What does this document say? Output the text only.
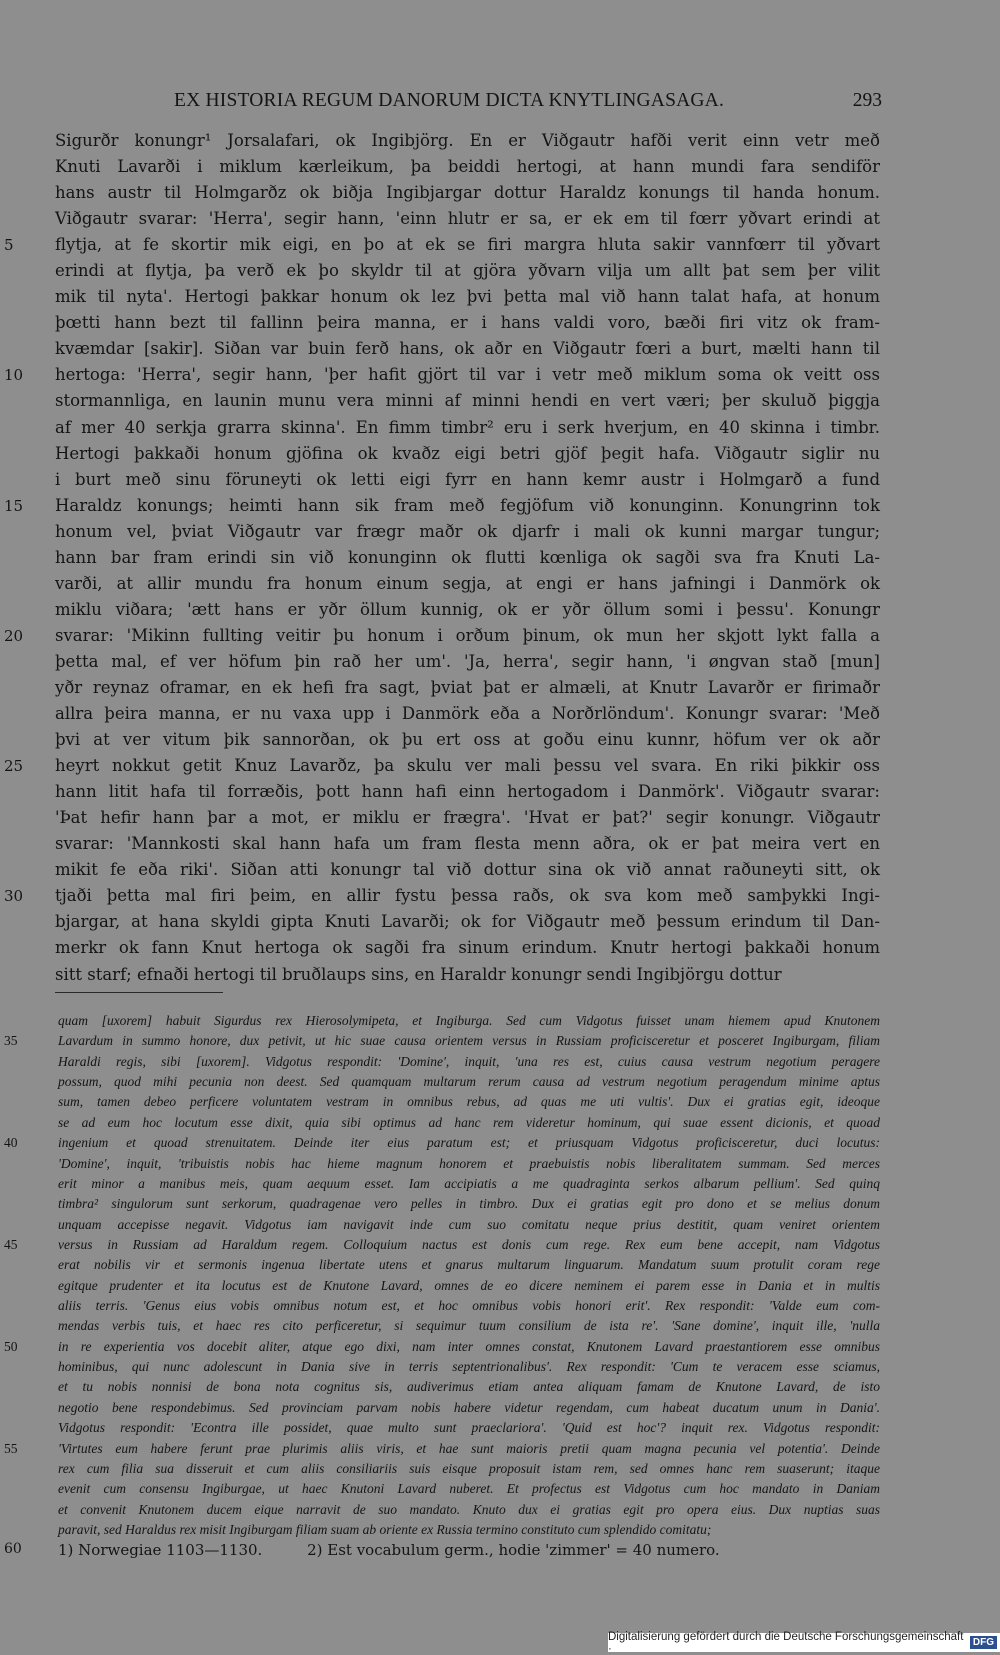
EX HISTORIA REGUM DANORUM DICTA KNYTLINGASAGA.	293
Sigurðr konungr¹ Jorsalafari, ok Ingibjörg. En er Viðgautr hafði verit einn vetr með
Knuti Lavarði i miklum kærleikum, þa beiddi hertogi, at hann mundi fara sendiför
hans austr til Holmgarðz ok biðja Ingibjargar dottur Haraldz konungs til handa honum.
Viðgautr svarar: 'Herra', segir hann, 'einn hlutr er sa, er ek em til fœrr yðvart erindi at
5	flytja, at fe skortir mik eigi, en þo at ek se firi margra hluta sakir vannfœrr til yðvart
erindi at flytja, þa verð ek þo skyldr til at gjöra yðvarn vilja um allt þat sem þer vilit
mik til nyta'. Hertogi þakkar honum ok lez þvi þetta mal við hann talat hafa, at honum
þœtti hann bezt til fallinn þeira manna, er i hans valdi voro, bæði firi vitz ok fram-
kvæmdar [sakir]. Siðan var buin ferð hans, ok aðr en Viðgautr fœri a burt, mælti hann til
10	hertoga: 'Herra', segir hann, 'þer hafit gjört til var i vetr með miklum soma ok veitt oss
stormannliga, en launin munu vera minni af minni hendi en vert væri; þer skuluð þiggja
af mer 40 serkja grarra skinna'. En fimm timbr² eru i serk hverjum, en 40 skinna i timbr.
Hertogi þakkaði honum gjöfina ok kvaðz eigi betri gjöf þegit hafa. Viðgautr siglir nu
i burt með sinu föruneyti ok letti eigi fyrr en hann kemr austr i Holmgarð a fund
15	Haraldz konungs; heimti hann sik fram með fegjöfum við konunginn. Konungrinn tok
honum vel, þviat Viðgautr var frægr maðr ok djarfr i mali ok kunni margar tungur;
hann bar fram erindi sin við konunginn ok flutti kœnliga ok sagði sva fra Knuti La-
varði, at allir mundu fra honum einum segja, at engi er hans jafningi i Danmörk ok
miklu viðara; 'ætt hans er yðr öllum kunnig, ok er yðr öllum somi i þessu'. Konungr
20	svarar: 'Mikinn fullting veitir þu honum i orðum þinum, ok mun her skjott lykt falla a
þetta mal, ef ver höfum þin rað her um'. 'Ja, herra', segir hann, 'i øngvan stað [mun]
yðr reynaz oframar, en ek hefi fra sagt, þviat þat er almæli, at Knutr Lavarðr er firimaðr
allra þeira manna, er nu vaxa upp i Danmörk eða a Norðrlöndum'. Konungr svarar: 'Með
þvi at ver vitum þik sannorðan, ok þu ert oss at goðu einu kunnr, höfum ver ok aðr
25	heyrt nokkut getit Knuz Lavarðz, þa skulu ver mali þessu vel svara. En riki þikkir oss
hann litit hafa til forræðis, þott hann hafi einn hertogadom i Danmörk'. Viðgautr svarar:
'Þat hefir hann þar a mot, er miklu er frægra'. 'Hvat er þat?' segir konungr. Viðgautr
svarar: 'Mannkosti skal hann hafa um fram flesta menn aðra, ok er þat meira vert en
mikit fe eða riki'. Siðan atti konungr tal við dottur sina ok við annat raðuneyti sitt, ok
30	tjaði þetta mal firi þeim, en allir fystu þessa raðs, ok sva kom með samþykki Ingi-
bjargar, at hana skyldi gipta Knuti Lavarði; ok for Viðgautr með þessum erindum til Dan-
merkr ok fann Knut hertoga ok sagði fra sinum erindum. Knutr hertogi þakkaði honum
sitt starf; efnaði hertogi til bruðlaups sins, en Haraldr konungr sendi Ingibjörgu dottur
quam [uxorem] habuit Sigurdus rex Hierosolymipeta, et Ingiburga. Sed cum Vidgotus fuisset unam hiemem apud Knutonem
35	Lavardum in summo honore, dux petivit, ut hic suae causa orientem versus in Russiam proficisceretur et posceret Ingiburgam, filiam
Haraldi regis, sibi [uxorem]. Vidgotus respondit: 'Domine', inquit, 'una res est, cuius causa vestrum negotium peragere
possum, quod mihi pecunia non deest. Sed quamquam multarum rerum causa ad vestrum negotium peragendum minime aptus
sum, tamen debeo perficere voluntatem vestram in omnibus rebus, ad quas me uti vultis'. Dux ei gratias egit, ideoque
se ad eum hoc locutum esse dixit, quia sibi optimus ad hanc rem videretur hominum, qui suae essent dicionis, et quoad
40	ingenium et quoad strenuitatem. Deinde iter eius paratum est; et priusquam Vidgotus proficisceretur, duci locutus:
'Domine', inquit, 'tribuistis nobis hac hieme magnum honorem et praebuistis nobis liberalitatem summam. Sed merces
erit minor a manibus meis, quam aequum esset. Iam accipiatis a me quadraginta serkos albarum pellium'. Sed quinq
timbra² singulorum sunt serkorum, quadragenae vero pelles in timbro. Dux ei gratias egit pro dono et se melius donum
unquam accepisse negavit. Vidgotus iam navigavit inde cum suo comitatu neque prius destitit, quam veniret orientem
45	versus in Russiam ad Haraldum regem. Colloquium nactus est donis cum rege. Rex eum bene accepit, nam Vidgotus
erat nobilis vir et sermonis ingenua libertate utens et gnarus multarum linguarum. Mandatum suum protulit coram rege
egitque prudenter et ita locutus est de Knutone Lavard, omnes de eo dicere neminem ei parem esse in Dania et in multis
aliis terris. 'Genus eius vobis omnibus notum est, et hoc omnibus vobis honori erit'. Rex respondit: 'Valde eum com-
mendas verbis tuis, et haec res cito perficeretur, si sequimur tuum consilium de ista re'. 'Sane domine', inquit ille, 'nulla
50	in re experientia vos docebit aliter, atque ego dixi, nam inter omnes constat, Knutonem Lavard praestantiorem esse omnibus
hominibus, qui nunc adolescunt in Dania sive in terris septentrionalibus'. Rex respondit: 'Cum te veracem esse sciamus,
et tu nobis nonnisi de bona nota cognitus sis, audiverimus etiam antea aliquam famam de Knutone Lavard, de isto
negotio bene respondebimus. Sed provinciam parvam nobis habere videtur regendam, cum habeat ducatum unum in Dania'.
Vidgotus respondit: 'Econtra ille possidet, quae multo sunt praeclariora'. 'Quid est hoc'? inquit rex. Vidgotus respondit:
55	'Virtutes eum habere ferunt prae plurimis aliis viris, et hae sunt maioris pretii quam magna pecunia vel potentia'. Deinde
rex cum filia sua disseruit et cum aliis consiliariis suis eisque proposuit istam rem, sed omnes hanc rem suaserunt; itaque
evenit cum consensu Ingiburgae, ut haec Knutoni Lavard nuberet. Et profectus est Vidgotus cum hoc mandato in Daniam
et convenit Knutonem ducem eique narravit de suo mandato. Knuto dux ei gratias egit pro opera eius. Dux nuptias suas
paravit, sed Haraldus rex misit Ingiburgam filiam suam ab oriente ex Russia termino constituto cum splendido comitatu;
60	1) Norwegiae 1103—1130.	2) Est vocabulum germ., hodie 'zimmer' = 40 numero.
Digitalisierung gefördert durch die Deutsche Forschungsgemeinschaft ·	DFG
